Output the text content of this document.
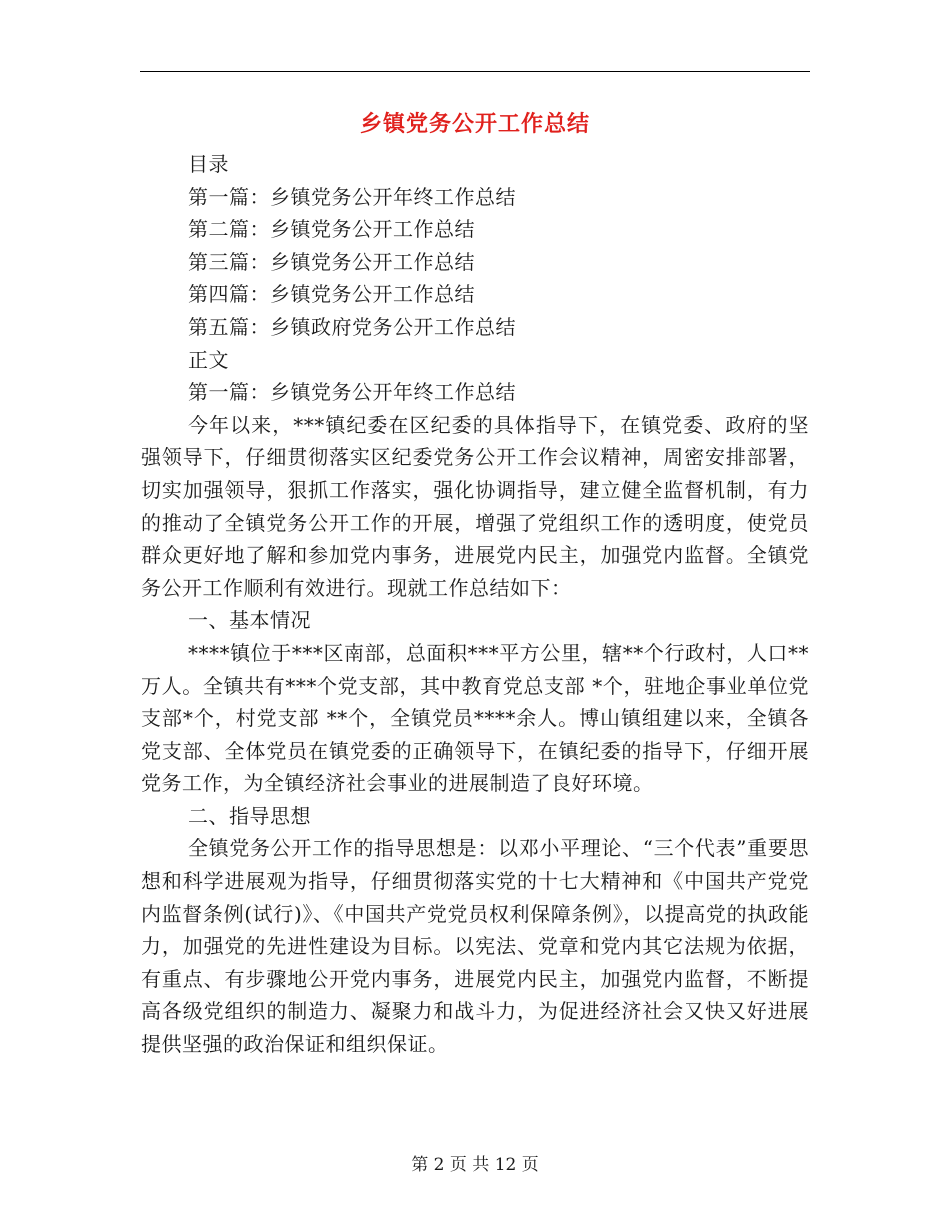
乡镇党务公开工作总结
目录
第一篇：乡镇党务公开年终工作总结
第二篇：乡镇党务公开工作总结
第三篇：乡镇党务公开工作总结
第四篇：乡镇党务公开工作总结
第五篇：乡镇政府党务公开工作总结
正文
第一篇：乡镇党务公开年终工作总结
今年以来，***镇纪委在区纪委的具体指导下，在镇党委、政府的坚强领导下，仔细贯彻落实区纪委党务公开工作会议精神，周密安排部署，切实加强领导，狠抓工作落实，强化协调指导，建立健全监督机制，有力的推动了全镇党务公开工作的开展，增强了党组织工作的透明度，使党员群众更好地了解和参加党内事务，进展党内民主，加强党内监督。全镇党务公开工作顺利有效进行。现就工作总结如下：
一、基本情况
****镇位于***区南部，总面积***平方公里，辖**个行政村，人口**万人。全镇共有***个党支部，其中教育党总支部 *个，驻地企事业单位党支部*个，村党支部 **个，全镇党员****余人。博山镇组建以来，全镇各党支部、全体党员在镇党委的正确领导下，在镇纪委的指导下，仔细开展党务工作，为全镇经济社会事业的进展制造了良好环境。
二、指导思想
全镇党务公开工作的指导思想是：以邓小平理论、“三个代表”重要思想和科学进展观为指导，仔细贯彻落实党的十七大精神和《中国共产党党内监督条例(试行)》、《中国共产党党员权利保障条例》，以提高党的执政能力，加强党的先进性建设为目标。以宪法、党章和党内其它法规为依据，有重点、有步骤地公开党内事务，进展党内民主，加强党内监督，不断提高各级党组织的制造力、凝聚力和战斗力，为促进经济社会又快又好进展提供坚强的政治保证和组织保证。
第 2 页 共 12 页
